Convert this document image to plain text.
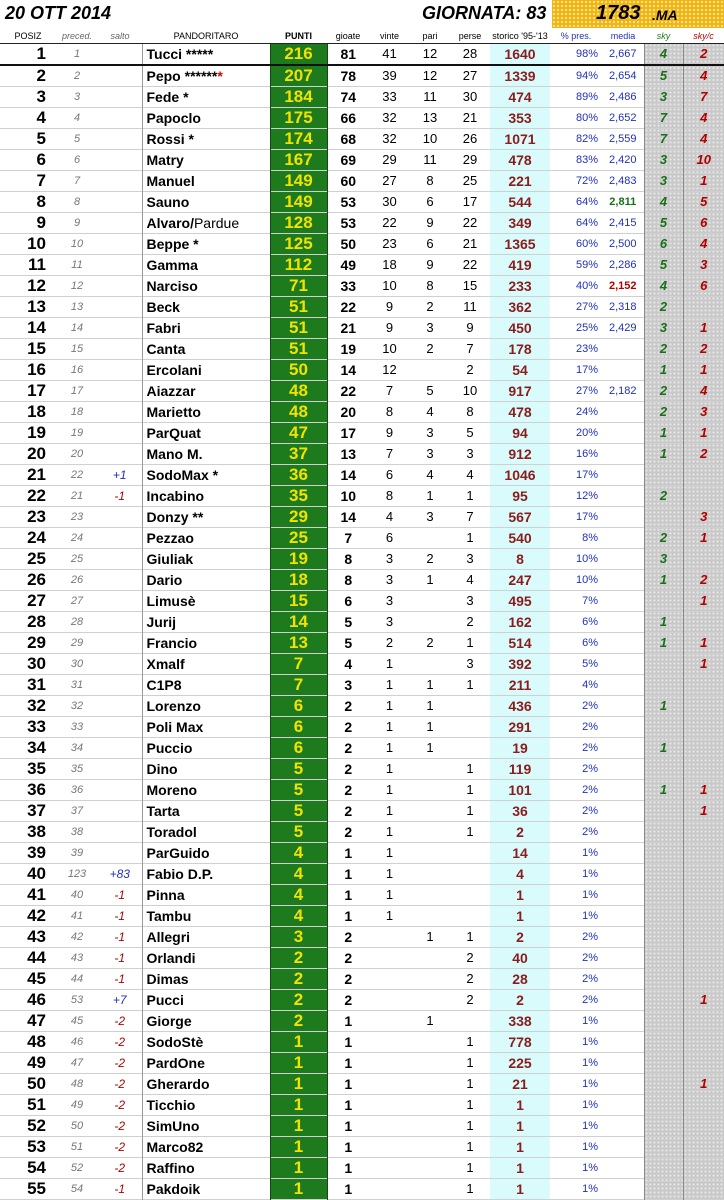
20 OTT 2014	GIORNATA: 83 1783 .MA
POSIZ	preced.	salto	PANDORITARO	PUNTI	gioate	vinte	pari	perse	storico '95-'13	% pres.	media	sky	sky/c
1	1		Tucci *****	216	81	41	12	28	1640	98%	2,667	4	2
2	2		Pepo *******	207	78	39	12	27	1339	94%	2,654	5	4
3	3		Fede *	184	74	33	11	30	474	89%	2,486	3	7
4	4		Papoclo	175	66	32	13	21	353	80%	2,652	7	4
5	5		Rossi *	174	68	32	10	26	1071	82%	2,559	7	4
6	6		Matry	167	69	29	11	29	478	83%	2,420	3	10
7	7		Manuel	149	60	27	8	25	221	72%	2,483	3	1
8	8		Sauno	149	53	30	6	17	544	64%	2,811	4	5
9	9		Alvaro/Pardue	128	53	22	9	22	349	64%	2,415	5	6
10	10		Beppe *	125	50	23	6	21	1365	60%	2,500	6	4
11	11		Gamma	112	49	18	9	22	419	59%	2,286	5	3
12	12		Narciso	71	33	10	8	15	233	40%	2,152	4	6
13	13		Beck	51	22	9	2	11	362	27%	2,318	2	
14	14		Fabri	51	21	9	3	9	450	25%	2,429	3	1
15	15		Canta	51	19	10	2	7	178	23%		2	2
16	16		Ercolani	50	14	12		2	54	17%		1	1
17	17		Aiazzar	48	22	7	5	10	917	27%	2,182	2	4
18	18		Marietto	48	20	8	4	8	478	24%		2	3
19	19		ParQuat	47	17	9	3	5	94	20%		1	1
20	20		Mano M.	37	13	7	3	3	912	16%		1	2
21	22	+1	SodoMax *	36	14	6	4	4	1046	17%			
22	21	-1	Incabino	35	10	8	1	1	95	12%		2	
23	23		Donzy **	29	14	4	3	7	567	17%			3
24	24		Pezzao	25	7	6		1	540	8%		2	1
25	25		Giuliak	19	8	3	2	3	8	10%		3	
26	26		Dario	18	8	3	1	4	247	10%		1	2
27	27		Limusè	15	6	3		3	495	7%			1
28	28		Jurij	14	5	3		2	162	6%		1	
29	29		Francio	13	5	2	2	1	514	6%		1	1
30	30		Xmalf	7	4	1		3	392	5%			1
31	31		C1P8	7	3	1	1	1	211	4%			
32	32		Lorenzo	6	2	1	1		436	2%		1	
33	33		Poli Max	6	2	1	1		291	2%			
34	34		Puccio	6	2	1	1		19	2%		1	
35	35		Dino	5	2	1		1	119	2%			
36	36		Moreno	5	2	1		1	101	2%		1	1
37	37		Tarta	5	2	1		1	36	2%			1
38	38		Toradol	5	2	1		1	2	2%			
39	39		ParGuido	4	1	1			14	1%			
40	123	+83	Fabio D.P.	4	1	1			4	1%			
41	40	-1	Pinna	4	1	1			1	1%			
42	41	-1	Tambu	4	1	1			1	1%			
43	42	-1	Allegri	3	2		1	1	2	2%			
44	43	-1	Orlandi	2	2			2	40	2%			
45	44	-1	Dimas	2	2			2	28	2%			
46	53	+7	Pucci	2	2			2	2	2%			1
47	45	-2	Giorge	2	1		1		338	1%			
48	46	-2	SodoStè	1	1			1	778	1%			
49	47	-2	PardOne	1	1			1	225	1%			
50	48	-2	Gherardo	1	1			1	21	1%			1
51	49	-2	Ticchio	1	1			1	1	1%			
52	50	-2	SimUno	1	1			1	1	1%			
53	51	-2	Marco82	1	1			1	1	1%			
54	52	-2	Raffino	1	1			1	1	1%			
55	54	-1	Pakdoik	1	1			1	1	1%			
